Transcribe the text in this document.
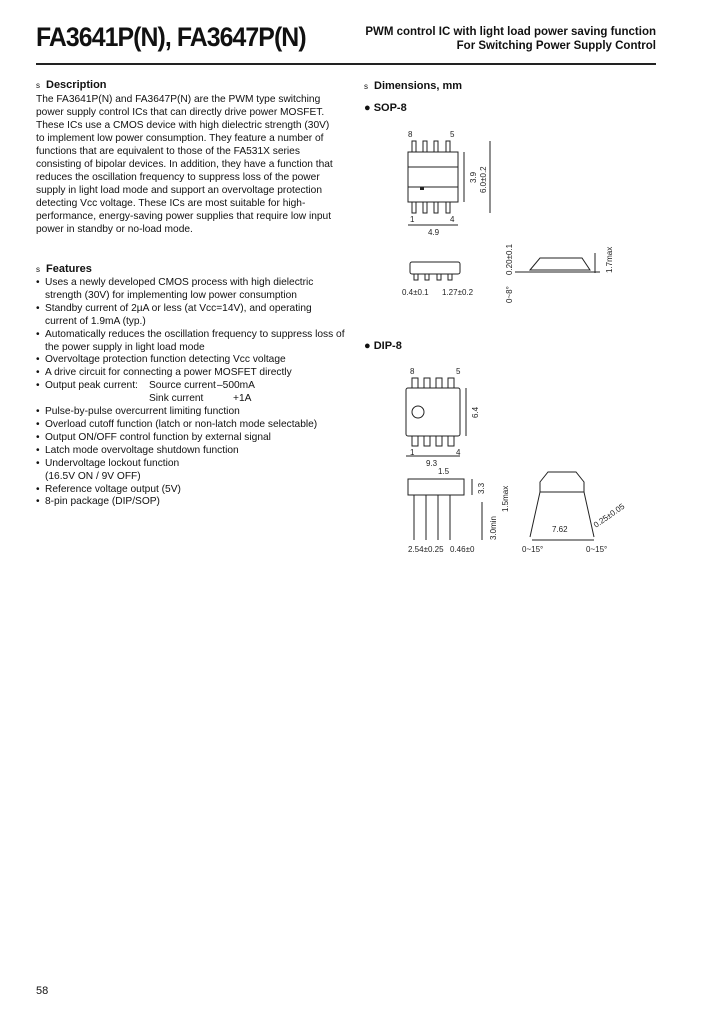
FA3641P(N), FA3647P(N)	PWM control IC with light load power saving function
For Switching Power Supply Control
s Description
The FA3641P(N) and FA3647P(N) are the PWM type switching power supply control ICs that can directly drive power MOSFET. These ICs use a CMOS device with high dielectric strength (30V) to implement low power consumption. They feature a number of functions that are equivalent to those of the FA531X series consisting of bipolar devices. In addition, they have a function that reduces the oscillation frequency to suppress loss of the power supply in light load mode and support an overvoltage protection detecting Vcc voltage. These ICs are most suitable for high-performance, energy-saving power supplies that require low input power in standby or no-load mode.
s Features
• Uses a newly developed CMOS process with high dielectric strength (30V) for implementing low power consumption
• Standby current of 2µA or less (at Vcc=14V), and operating current of 1.9mA (typ.)
• Automatically reduces the oscillation frequency to suppress loss of the power supply in light load mode
• Overvoltage protection function detecting Vcc voltage
• A drive circuit for connecting a power MOSFET directly
• Output peak current: Source current–500mA
Sink current	+1A
• Pulse-by-pulse overcurrent limiting function
• Overload cutoff function (latch or non-latch mode selectable)
• Output ON/OFF control function by external signal
• Latch mode overvoltage shutdown function
• Undervoltage lockout function
(16.5V ON / 9V OFF)
• Reference voltage output (5V)
• 8-pin package (DIP/SOP)
s Dimensions, mm
● SOP-8
8	5
1	4
4.9
3.9 6.0±0.2
0.4±0.1 1.27±0.2
1.7max
0.20±0.1
0~8°
● DIP-8
8	5
1	4
9.3
6.4
1.5
3.3
3.0min
1.5max
2.54±0.25 0.46±0
7.62	0.25±0.05
0~15°	0~15°
58
